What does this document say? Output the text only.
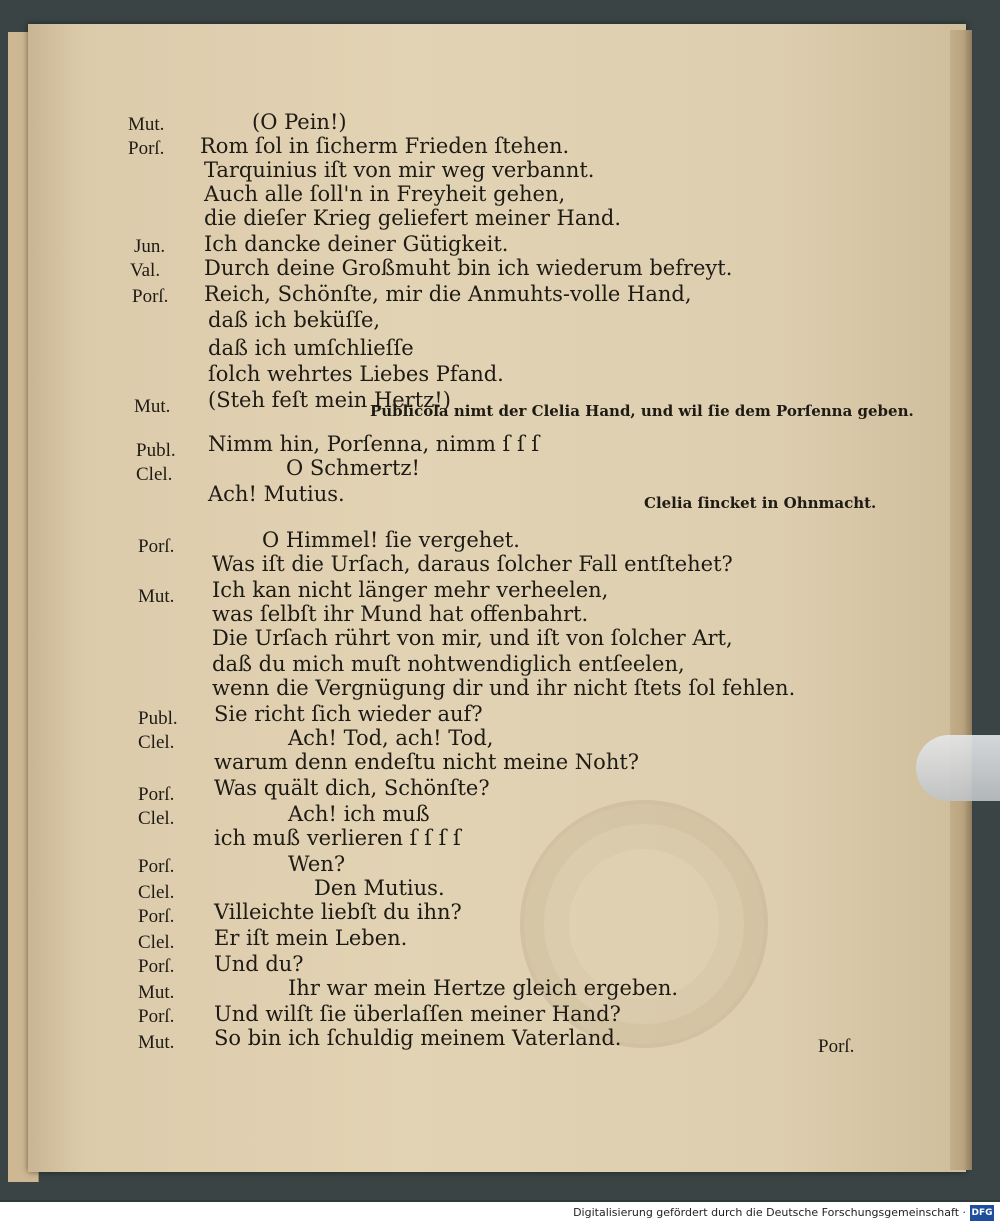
Mut.
Porſ.
Jun.
Val.
Porſ.
Mut.
Publ.
Clel.
Porſ.
Mut.
Publ.
Clel.
Porſ.
Clel.
Porſ.
Clel.
Porſ.
Clel.
Porſ.
Mut.
Porſ.
Mut.
(O Pein!)
Rom ſol in ſicherm Frieden ſtehen.
Tarquinius iſt von mir weg verbannt.
Auch alle ſoll'n in Freyheit gehen,
die dieſer Krieg geliefert meiner Hand.
Ich dancke deiner Gütigkeit.
Durch deine Großmuht bin ich wiederum befreyt.
Reich, Schönſte, mir die Anmuhts-volle Hand,
daß ich beküſſe,
daß ich umſchlieſſe
ſolch wehrtes Liebes Pfand.
(Steh feſt mein Hertz!)
Nimm hin, Porſenna, nimm ſ ſ ſ
O Schmertz!
Ach! Mutius.
O Himmel! ſie vergehet.
Was iſt die Urſach, daraus ſolcher Fall entſtehet?
Ich kan nicht länger mehr verheelen,
was ſelbſt ihr Mund hat offenbahrt.
Die Urſach rührt von mir, und iſt von ſolcher Art,
daß du mich muſt nohtwendiglich entſeelen,
wenn die Vergnügung dir und ihr nicht ſtets ſol fehlen.
Sie richt ſich wieder auf?
Ach! Tod, ach! Tod,
warum denn endeſtu nicht meine Noht?
Was quält dich, Schönſte?
Ach! ich muß
ich muß verlieren ſ ſ ſ ſ
Wen?
Den Mutius.
Villeichte liebſt du ihn?
Er iſt mein Leben.
Und du?
Ihr war mein Hertze gleich ergeben.
Und wilſt ſie überlaſſen meiner Hand?
So bin ich ſchuldig meinem Vaterland.
Publicola nimt der Clelia Hand, und wil ſie dem Porſenna geben.
Clelia ſincket in Ohnmacht.
Porſ.
Digitalisierung gefördert durch die Deutsche Forschungsgemeinschaft · DFG
